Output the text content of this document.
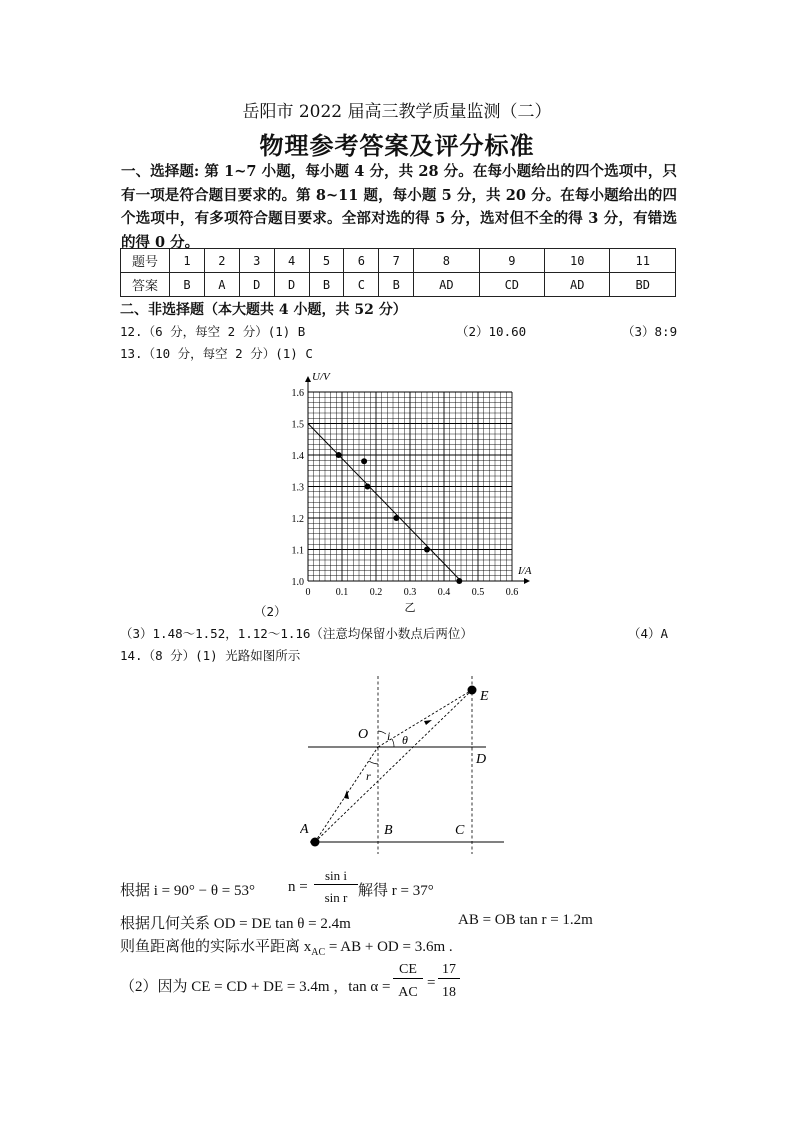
岳阳市 2022 届高三教学质量监测（二）
物理参考答案及评分标准
一、选择题: 第 1~7 小题，每小题 4 分，共 28 分。在每小题给出的四个选项中，只有一项是符合题目要求的。第 8~11 题，每小题 5 分，共 20 分。在每小题给出的四个选项中，有多项符合题目要求。全部对选的得 5 分，选对但不全的得 3 分，有错选的得 0 分。
题号	1	2	3	4	5	6	7	8	9	10	11
答案	B	A	D	D	B	C	B	AD	CD	AD	BD
二、非选择题（本大题共 4 小题，共 52 分）
12.（6 分，每空 2 分）(1) B	（2）10.60	（3）8:9
13.（10 分，每空 2 分）(1) C
U/V
I/A
0	0.1 0.2 0.3 0.4 0.5 0.6
1.0
1.1
1.2
1.3
1.4
1.5
1.6
乙
（2）
（3）1.48～1.52，1.12～1.16（注意均保留小数点后两位）	（4）A
14.（8 分）(1) 光路如图所示
E
O i θ
D
r
A	B	C
根据 i = 90° − θ = 53° n =
sin i
sin r 解得 r = 37°
根据几何关系 OD = DE tan θ = 2.4m	AB = OB tan r = 1.2m
则鱼距离他的实际水平距离 $x_{AC}$ = AB + OD = 3.6m .
（2）因为 CE = CD + DE = 3.4m ，tan α =
CE
AC
=
17
18
